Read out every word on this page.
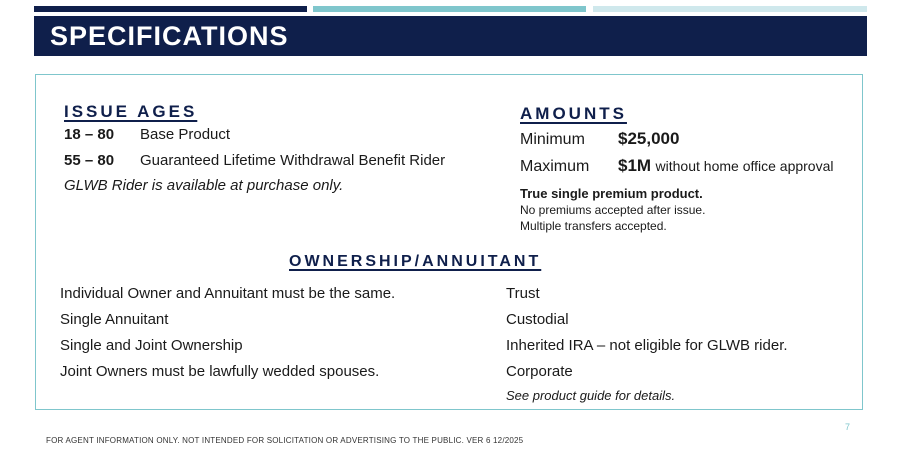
SPECIFICATIONS
ISSUE AGES
18 – 80 Base Product
55 – 80 Guaranteed Lifetime Withdrawal Benefit Rider
GLWB Rider is available at purchase only.
AMOUNTS
Minimum $25,000
Maximum $1M without home office approval
True single premium product.
No premiums accepted after issue.
Multiple transfers accepted.
OWNERSHIP/ANNUITANT
Individual Owner and Annuitant must be the same.
Single Annuitant
Single and Joint Ownership
Joint Owners must be lawfully wedded spouses.
Trust
Custodial
Inherited IRA – not eligible for GLWB rider.
Corporate
See product guide for details.
7
FOR AGENT INFORMATION ONLY. NOT INTENDED FOR SOLICITATION OR ADVERTISING TO THE PUBLIC. VER 6 12/2025
